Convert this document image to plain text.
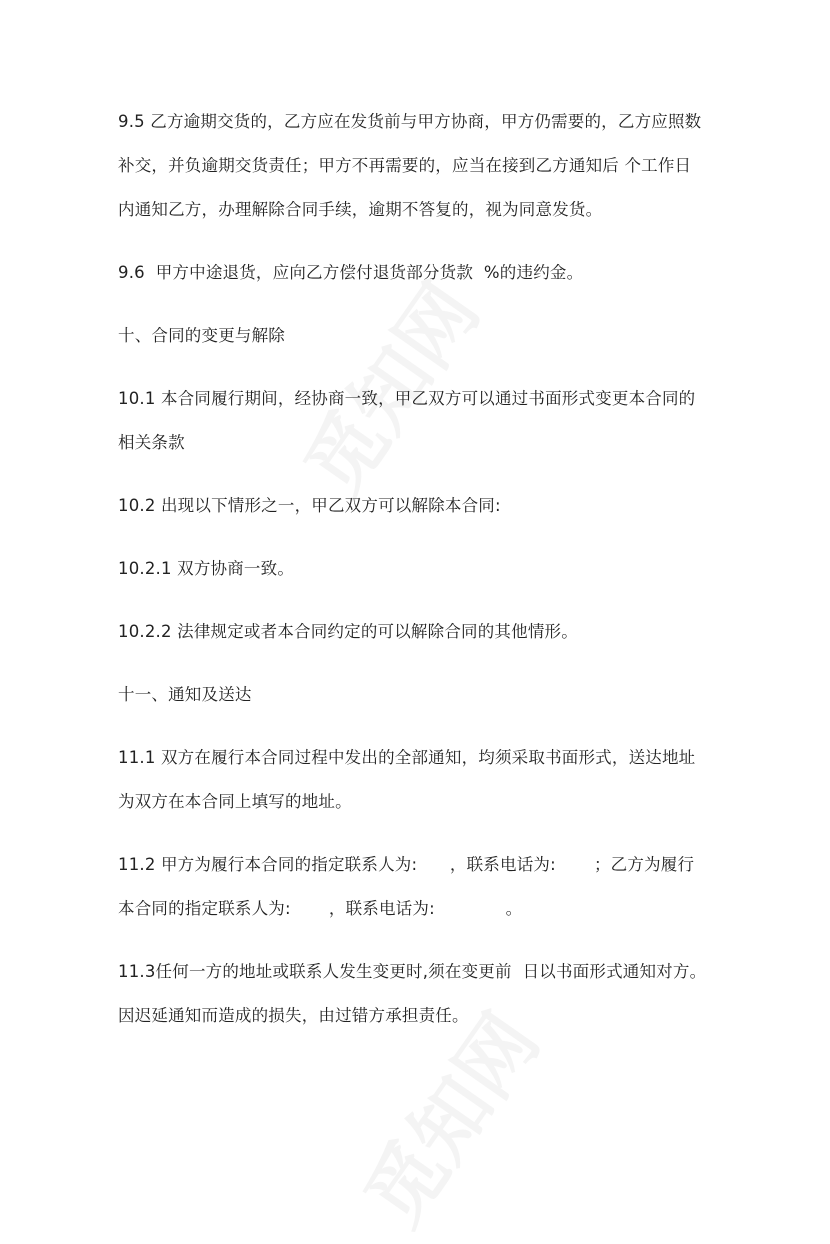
9.5 乙方逾期交货的，乙方应在发货前与甲方协商，甲方仍需要的，乙方应照数
补交，并负逾期交货责任；甲方不再需要的，应当在接到乙方通知后 个工作日
内通知乙方，办理解除合同手续，逾期不答复的，视为同意发货。
9.6  甲方中途退货，应向乙方偿付退货部分货款  %的违约金。
十、合同的变更与解除
10.1 本合同履行期间，经协商一致，甲乙双方可以通过书面形式变更本合同的
相关条款
10.2 出现以下情形之一，甲乙双方可以解除本合同:
10.2.1 双方协商一致。
10.2.2 法律规定或者本合同约定的可以解除合同的其他情形。
十一、通知及送达
11.1 双方在履行本合同过程中发出的全部通知，均须采取书面形式，送达地址
为双方在本合同上填写的地址。
11.2 甲方为履行本合同的指定联系人为:      ，联系电话为:       ；乙方为履行
本合同的指定联系人为:       ，联系电话为:             。
11.3任何一方的地址或联系人发生变更时,须在变更前  日以书面形式通知对方。
因迟延通知而造成的损失，由过错方承担责任。
